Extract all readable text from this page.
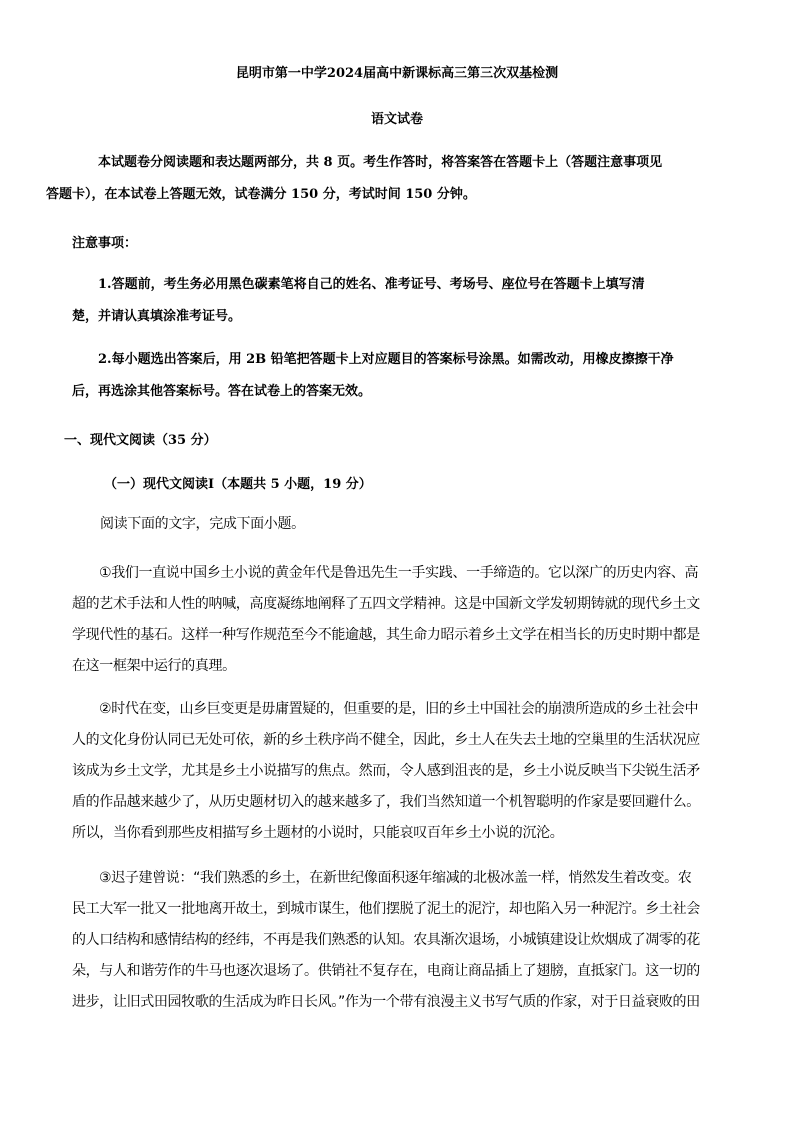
昆明市第一中学2024届高中新课标高三第三次双基检测
语文试卷
本试题卷分阅读题和表达题两部分，共 8 页。考生作答时，将答案答在答题卡上（答题注意事项见
答题卡），在本试卷上答题无效，试卷满分 150 分，考试时间 150 分钟。
注意事项：
1.答题前，考生务必用黑色碳素笔将自己的姓名、准考证号、考场号、座位号在答题卡上填写清
楚，并请认真填涂准考证号。
2.每小题选出答案后，用 2B 铅笔把答题卡上对应题目的答案标号涂黑。如需改动，用橡皮擦擦干净
后，再选涂其他答案标号。答在试卷上的答案无效。
一、现代文阅读（35 分）
（一）现代文阅读Ⅰ（本题共 5 小题，19 分）
阅读下面的文字，完成下面小题。
①我们一直说中国乡土小说的黄金年代是鲁迅先生一手实践、一手缔造的。它以深广的历史内容、高
超的艺术手法和人性的呐喊，高度凝练地阐释了五四文学精神。这是中国新文学发轫期铸就的现代乡土文
学现代性的基石。这样一种写作规范至今不能逾越，其生命力昭示着乡土文学在相当长的历史时期中都是
在这一框架中运行的真理。
②时代在变，山乡巨变更是毋庸置疑的，但重要的是，旧的乡土中国社会的崩溃所造成的乡土社会中
人的文化身份认同已无处可依，新的乡土秩序尚不健全，因此，乡土人在失去土地的空巢里的生活状况应
该成为乡土文学，尤其是乡土小说描写的焦点。然而，令人感到沮丧的是，乡土小说反映当下尖锐生活矛
盾的作品越来越少了，从历史题材切入的越来越多了，我们当然知道一个机智聪明的作家是要回避什么。
所以，当你看到那些皮相描写乡土题材的小说时，只能哀叹百年乡土小说的沉沦。
③迟子建曾说：“我们熟悉的乡土，在新世纪像面积逐年缩减的北极冰盖一样，悄然发生着改变。农
民工大军一批又一批地离开故土，到城市谋生，他们摆脱了泥土的泥泞，却也陷入另一种泥泞。乡土社会
的人口结构和感情结构的经纬，不再是我们熟悉的认知。农具渐次退场，小城镇建设让炊烟成了凋零的花
朵，与人和谐劳作的牛马也逐次退场了。供销社不复存在，电商让商品插上了翅膀，直抵家门。这一切的
进步，让旧式田园牧歌的生活成为昨日长风。”作为一个带有浪漫主义书写气质的作家，对于日益衰败的田
